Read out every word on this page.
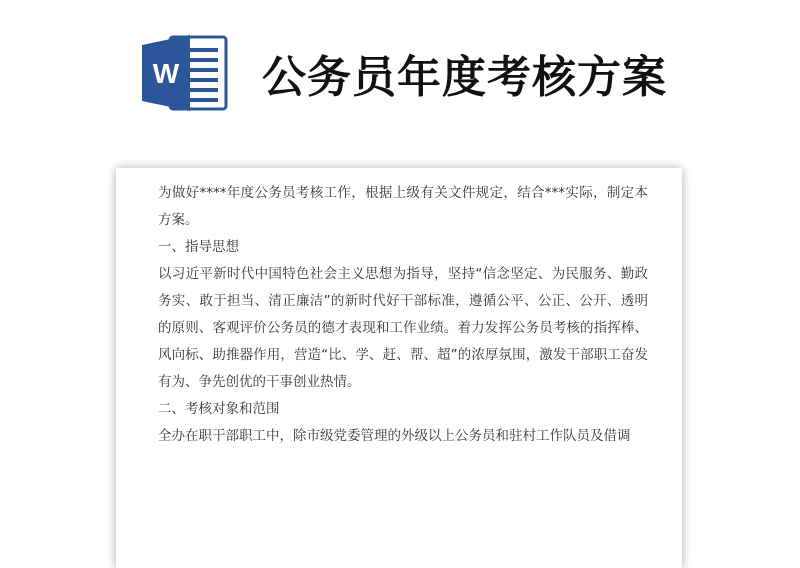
W 公务员年度考核方案

为做好****年度公务员考核工作，根据上级有关文件规定，结合***实际，制定本方案。

一、指导思想

以习近平新时代中国特色社会主义思想为指导，坚持“信念坚定、为民服务、勤政务实、敢于担当、清正廉洁”的新时代好干部标准，遵循公平、公正、公开、透明的原则、客观评价公务员的德才表现和工作业绩。着力发挥公务员考核的指挥棒、风向标、助推器作用，营造“比、学、赶、帮、超”的浓厚氛围，激发干部职工奋发有为、争先创优的干事创业热情。

二、考核对象和范围

全办在职干部职工中，除市级党委管理的外级以上公务员和驻村工作队员及借调
